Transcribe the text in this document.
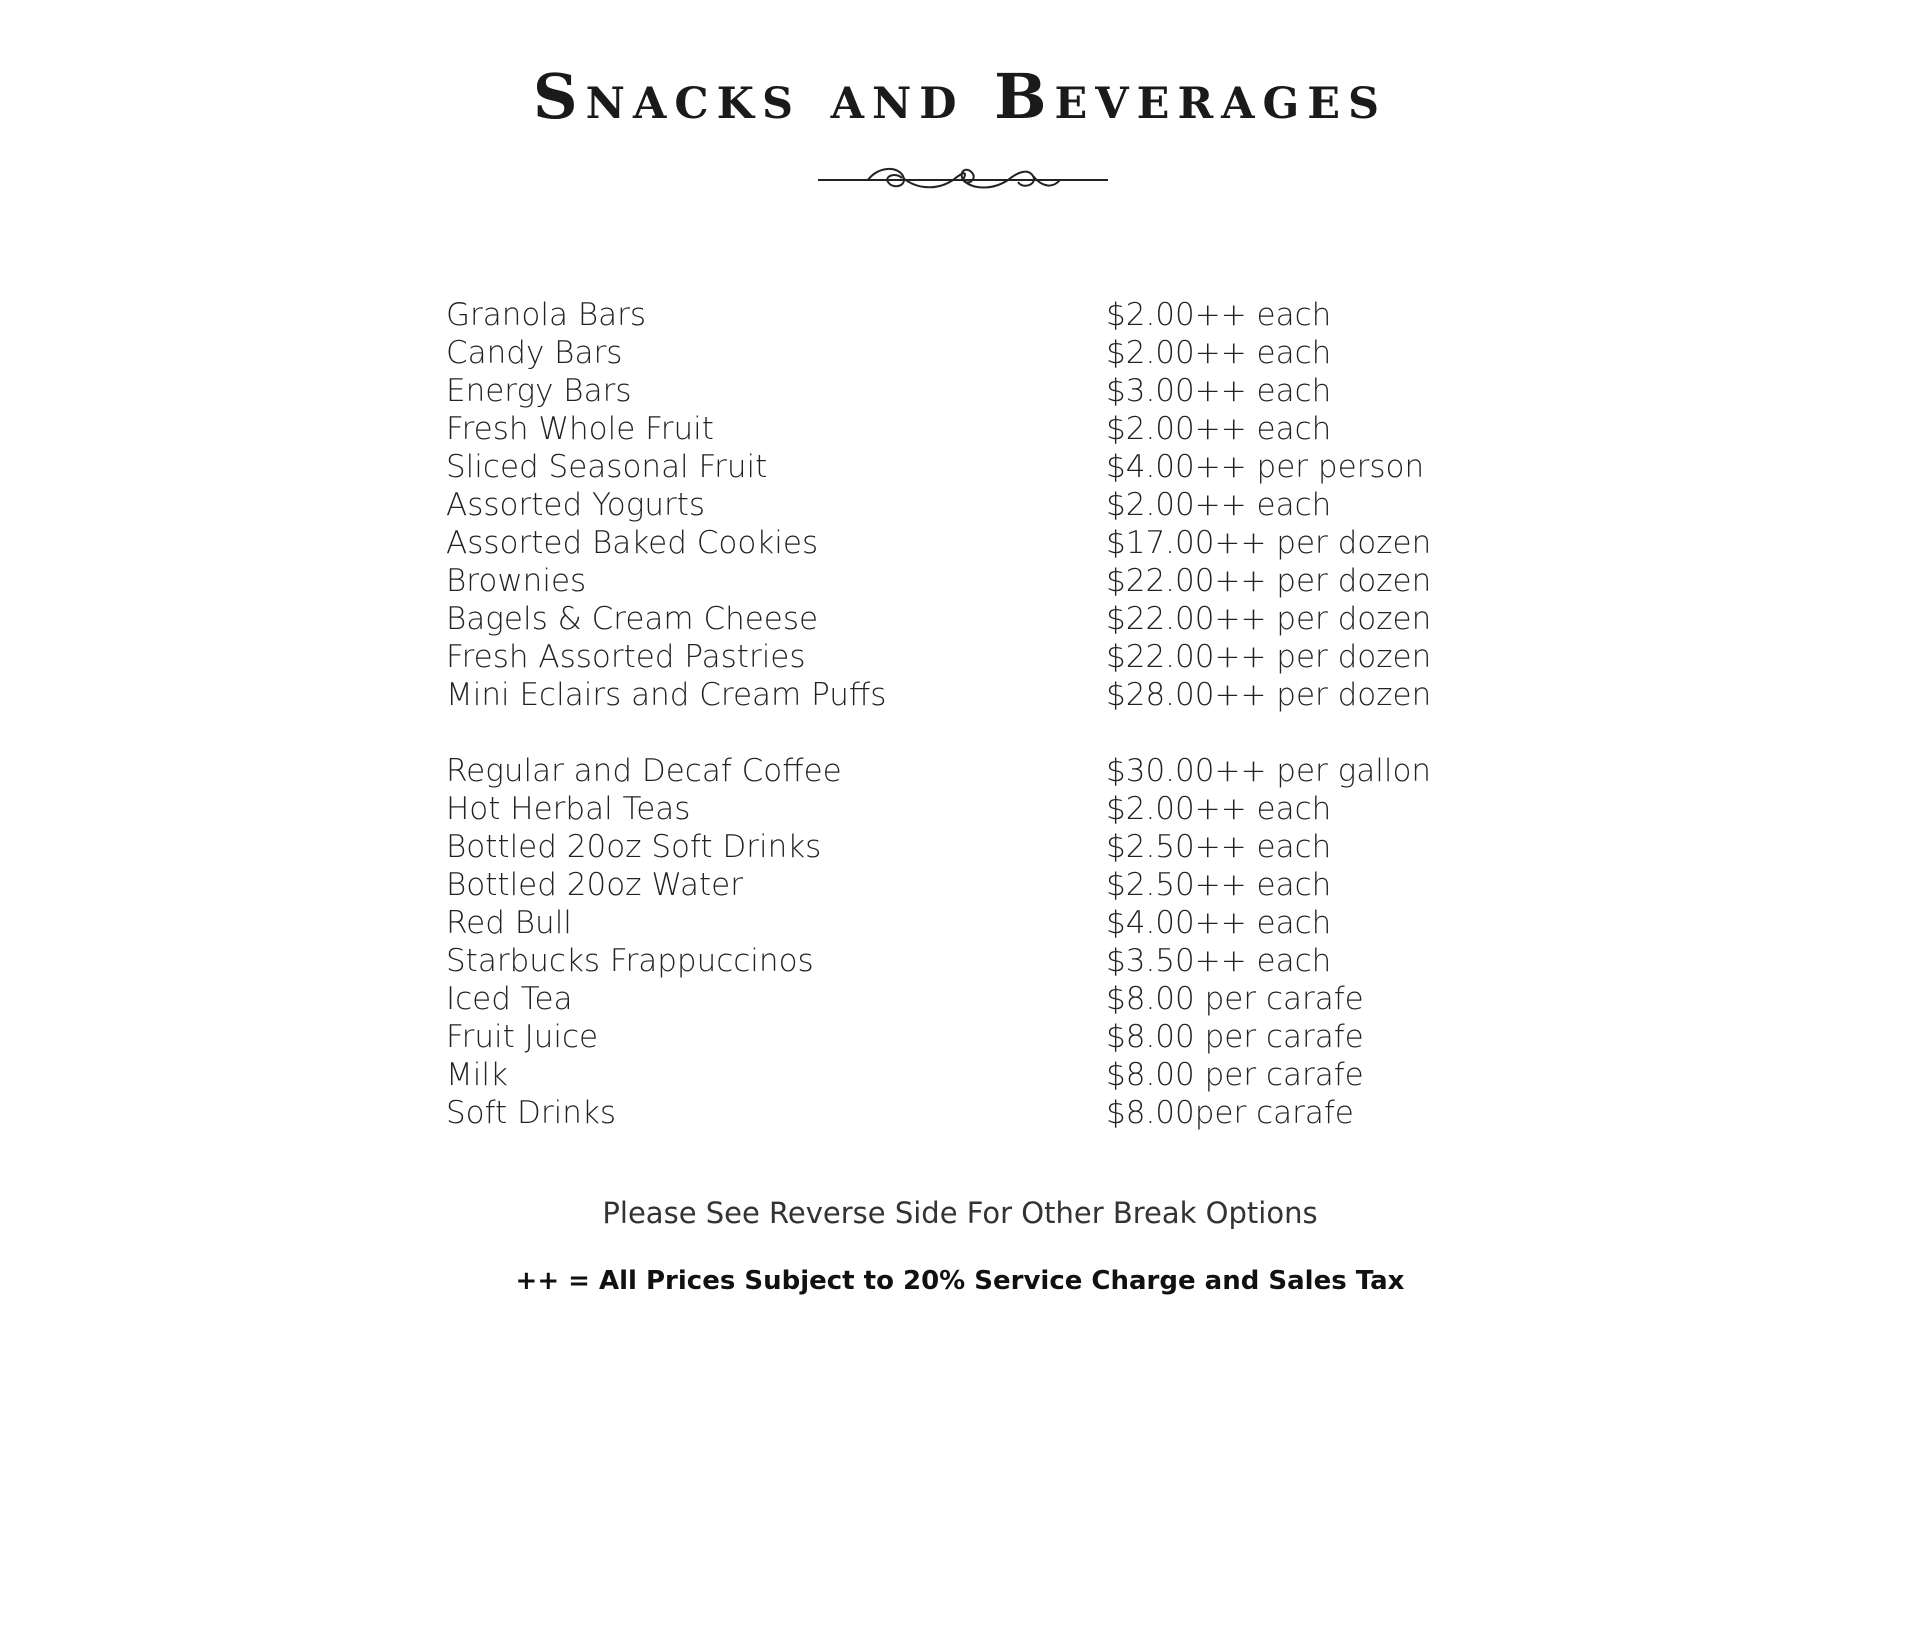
Snacks and Beverages
Granola Bars	$2.00++ each
Candy Bars	$2.00++ each
Energy Bars	$3.00++ each
Fresh Whole Fruit	$2.00++ each
Sliced Seasonal Fruit	$4.00++ per person
Assorted Yogurts	$2.00++ each
Assorted Baked Cookies	$17.00++ per dozen
Brownies	$22.00++ per dozen
Bagels & Cream Cheese	$22.00++ per dozen
Fresh Assorted Pastries	$22.00++ per dozen
Mini Eclairs and Cream Puffs	$28.00++ per dozen
Regular and Decaf Coffee	$30.00++ per gallon
Hot Herbal Teas	$2.00++ each
Bottled 20oz Soft Drinks	$2.50++ each
Bottled 20oz Water	$2.50++ each
Red Bull	$4.00++ each
Starbucks Frappuccinos	$3.50++ each
Iced Tea	$8.00 per carafe
Fruit Juice	$8.00 per carafe
Milk	$8.00 per carafe
Soft Drinks	$8.00per carafe
Please See Reverse Side For Other Break Options
++ = All Prices Subject to 20% Service Charge and Sales Tax
